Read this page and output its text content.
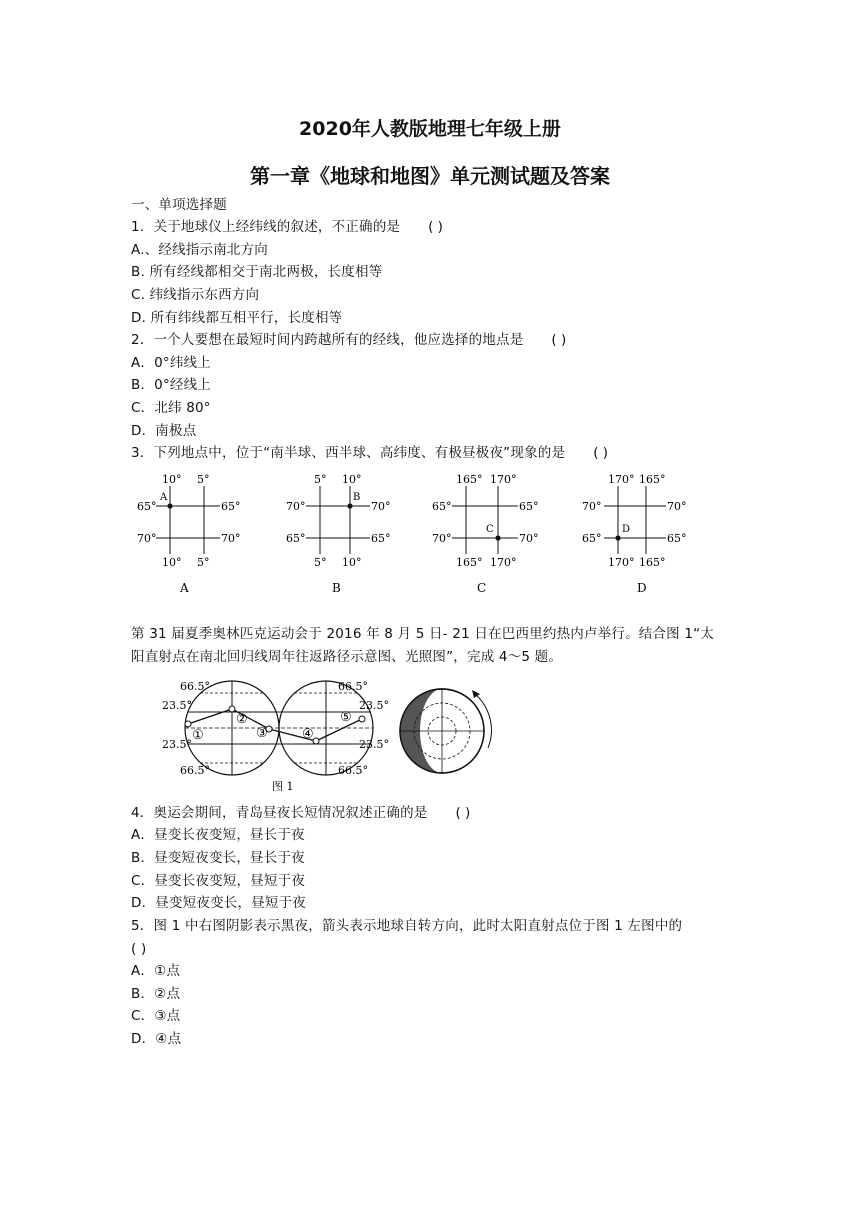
2020年人教版地理七年级上册
第一章《地球和地图》单元测试题及答案
一、单项选择题
1．关于地球仪上经纬线的叙述，不正确的是 ( )
A.、经线指示南北方向
B. 所有经线都相交于南北两极，长度相等
C. 纬线指示东西方向
D. 所有纬线都互相平行，长度相等
2．一个人要想在最短时间内跨越所有的经线，他应选择的地点是 ( )
A．0°纬线上
B．0°经线上
C．北纬 80°
D．南极点
3．下列地点中，位于“南半球、西半球、高纬度、有极昼极夜”现象的是 ( )
10° 5°
10° 5°
65°
70°
65°
70°
A
A
5° 10°
5° 10°
70°
65°
70°
65°
B
B
165° 170°
165° 170°
65°
70°
65°
70°
C
C
170° 165°
170° 165°
70°
65°
70°
65°
D
D
第 31 届夏季奥林匹克运动会于 2016 年 8 月 5 日- 21 日在巴西里约热内卢举行。结合图 1“太
阳直射点在南北回归线周年往返路径示意图、光照图”，完成 4～5 题。
66.5°
23.5°
23.5°
66.5°
66.5°
23.5°
23.5°
66.5°
①
②
③	④
⑤
图 1
4．奥运会期间，青岛昼夜长短情况叙述正确的是 ( )
A．昼变长夜变短，昼长于夜
B．昼变短夜变长，昼长于夜
C．昼变长夜变短，昼短于夜
D．昼变短夜变长，昼短于夜
5．图 1 中右图阴影表示黑夜，箭头表示地球自转方向，此时太阳直射点位于图 1 左图中的
( )
A．①点
B．②点
C．③点
D．④点
